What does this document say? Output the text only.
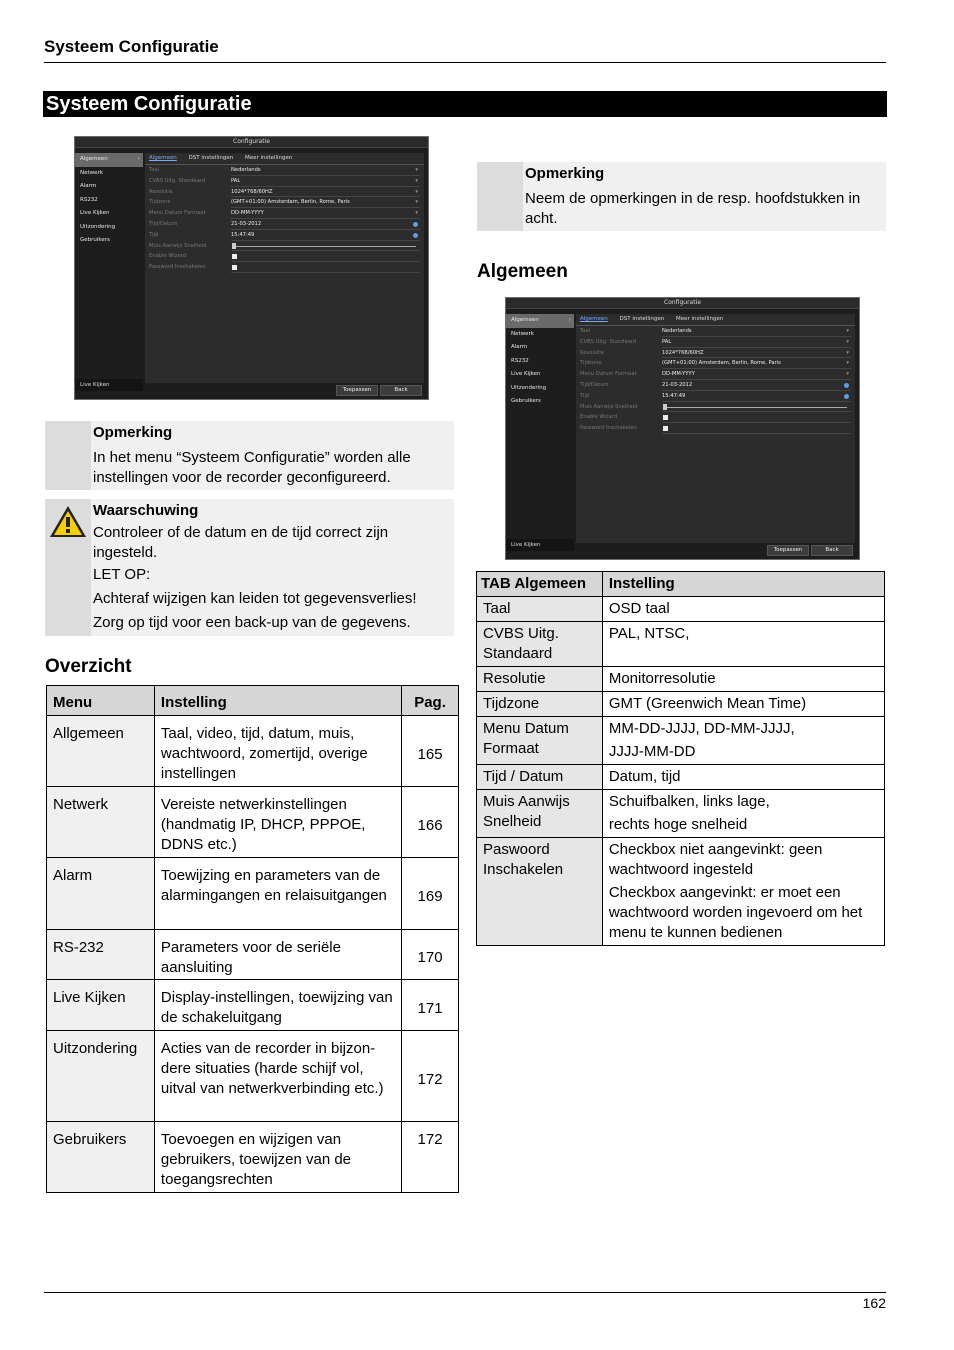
Systeem Configuratie
Systeem Configuratie
Configuratie
Algemeen ›
Netwerk
Alarm
RS232
Live Kijken
Uitzondering
Gebruikers
Live Kijken
Algemeen DST instellingen Meer instellingen
Taal	Nederlands	▾
CVBS Uitg. Standaard	PAL	▾
Resolutie	1024*768/60HZ	▾
Tijdzone	(GMT+01:00) Amsterdam, Berlin, Rome, Paris	▾
Menu Datum Formaat	DD-MM-YYYY	▾
Tijd/Datum	21-03-2012
Tijd	15:47:49
Muis Aanwijs Snelheid
Enable Wizard
Password Inschakelen
Toepassen	Back
Opmerking
In het menu “Systeem Configuratie” worden alle instellingen voor de recorder geconfigureerd.
Waarschuwing
Controleer of de datum en de tijd correct zijn ingesteld.
LET OP:
Achteraf wijzigen kan leiden tot gegevensverlies!
Zorg op tijd voor een back-up van de gegevens.
Overzicht
Menu	Instelling	Pag.
Allgemeen	Taal, video, tijd, datum, muis, wachtwoord, zomertijd, overige instellingen	165
Netwerk	Vereiste netwerkinstellingen (handmatig IP, DHCP, PPPOE, DDNS etc.)	166
Alarm	Toewijzing en parameters van de alarmingangen en relaisuitgangen	169
RS-232	Parameters voor de seriële aansluiting	170
Live Kijken	Display-instellingen, toewijzing van de schakeluitgang	171
Uitzondering	Acties van de recorder in bijzon-dere situaties (harde schijf vol, uitval van netwerkverbinding etc.)	172
Gebruikers	Toevoegen en wijzigen van gebruikers, toewijzen van de toegangsrechten	172
Opmerking
Neem de opmerkingen in de resp. hoofdstukken in acht.
Algemeen
Configuratie
Algemeen ›
Netwerk
Alarm
RS232
Live Kijken
Uitzondering
Gebruikers
Live Kijken
Algemeen DST instellingen Meer instellingen
Taal	Nederlands	▾
CVBS Uitg. Standaard	PAL	▾
Resolutie	1024*768/60HZ	▾
Tijdzone	(GMT+01:00) Amsterdam, Berlin, Rome, Paris	▾
Menu Datum Formaat	DD-MM-YYYY	▾
Tijd/Datum	21-03-2012
Tijd	15:47:49
Muis Aanwijs Snelheid
Enable Wizard
Password Inschakelen
Toepassen	Back
TAB Algemeen	Instelling
Taal	OSD taal

CVBS Uitg. Standaard	PAL, NTSC,

Resolutie	Monitorresolutie

Tijdzone	GMT (Greenwich Mean Time)

Menu Datum Formaat	MM-DD-JJJJ, DD-MM-JJJJ,

JJJJ-MM-DD

Tijd / Datum	Datum, tijd

Muis Aanwijs Snelheid	Schuifbalken, links lage,

rechts hoge snelheid

Paswoord Inschakelen	Checkbox niet aangevinkt: geen wachtwoord ingesteld

Checkbox aangevinkt: er moet een wachtwoord worden ingevoerd om het menu te kunnen bedienen

162
